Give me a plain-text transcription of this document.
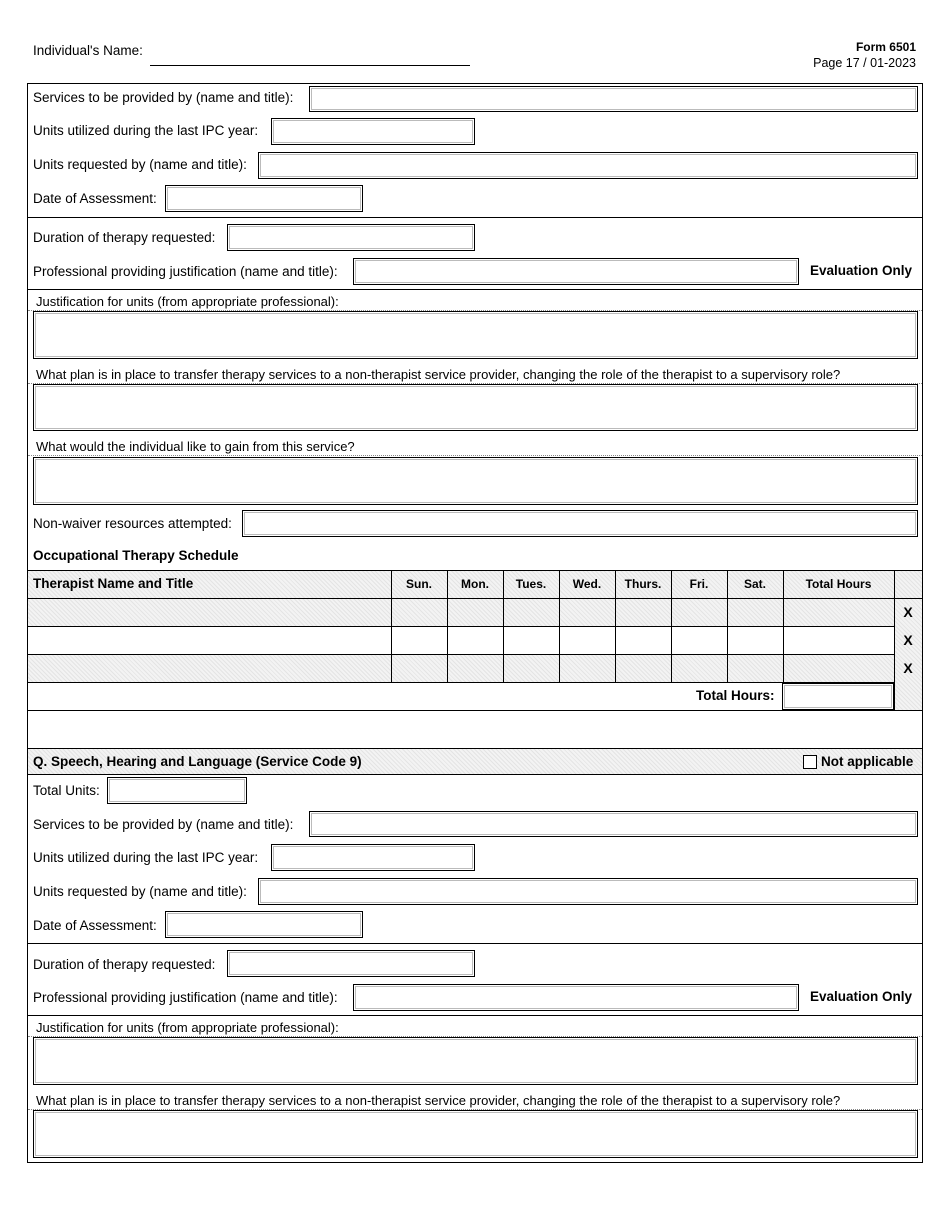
Individual's Name:	Form 6501
Page 17 / 01-2023
Services to be provided by (name and title):
Units utilized during the last IPC year:
Units requested by (name and title):
Date of Assessment:
Duration of therapy requested:
Professional providing justification (name and title):	Evaluation Only
Justification for units (from appropriate professional):
What plan is in place to transfer therapy services to a non-therapist service provider, changing the role of the therapist to a supervisory role?
What would the individual like to gain from this service?
Non-waiver resources attempted:
Occupational Therapy Schedule
Therapist Name and Title	Sun.	Mon.	Tues.	Wed.	Thurs.	Fri.	Sat.	Total Hours
X
X
X
Total Hours:
Q. Speech, Hearing and Language (Service Code 9)	Not applicable
Total Units:
Services to be provided by (name and title):
Units utilized during the last IPC year:
Units requested by (name and title):
Date of Assessment:
Duration of therapy requested:
Professional providing justification (name and title):	Evaluation Only
Justification for units (from appropriate professional):
What plan is in place to transfer therapy services to a non-therapist service provider, changing the role of the therapist to a supervisory role?
